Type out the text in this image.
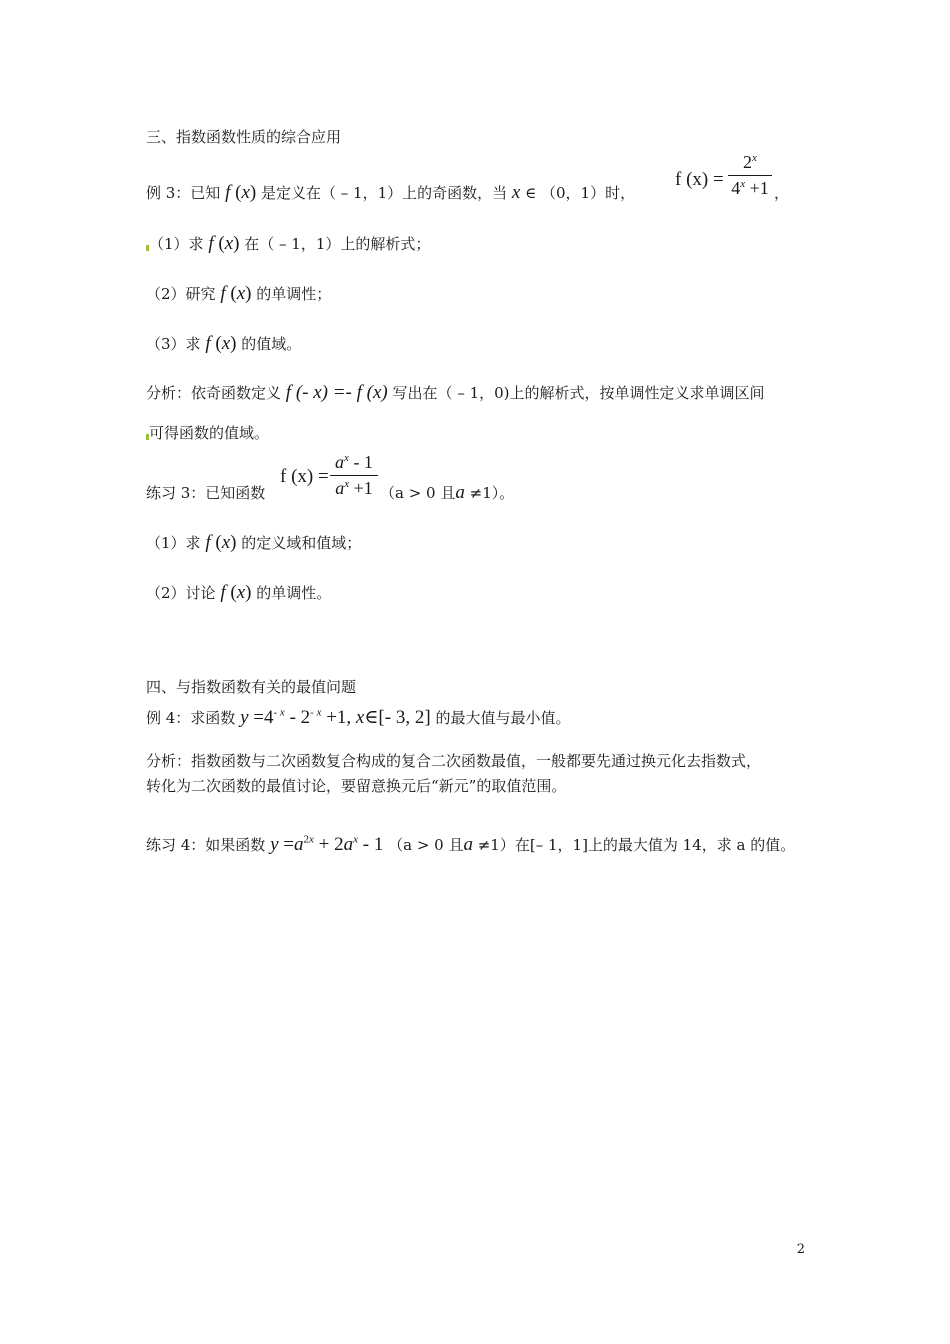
三、指数函数性质的综合应用
例 3：已知 f (x) 是定义在（ – 1，1）上的奇函数，当 x ∈ （0，1）时，
f (x) =
$2^x$
$4^x +1$ ，
（1）求 f (x) 在（ – 1，1）上的解析式；
（2）研究 f (x) 的单调性；
（3）求 f (x) 的值域。
分析：依奇函数定义 f (- x) =- f (x) 写出在（ – 1，0)上的解析式，按单调性定义求单调区间
可得函数的值域。
练习 3：已知函数
f (x) =
$a^x - 1$
$a^x +1$ （a > 0 且a ≠1）。
（1）求 f (x) 的定义域和值域；
（2）讨论 f (x) 的单调性。
四、与指数函数有关的最值问题
例 4：求函数 $y =4^{- x} - 2^{- x} +1$, x∈[- 3, 2] 的最大值与最小值。
分析：指数函数与二次函数复合构成的复合二次函数最值，一般都要先通过换元化去指数式，
转化为二次函数的最值讨论，要留意换元后“新元”的取值范围。
练习 4：如果函数 $y =a^{2x} + 2a^x - 1$ （a > 0 且a ≠1）在[– 1，1]上的最大值为 14，求 a 的值。
2
